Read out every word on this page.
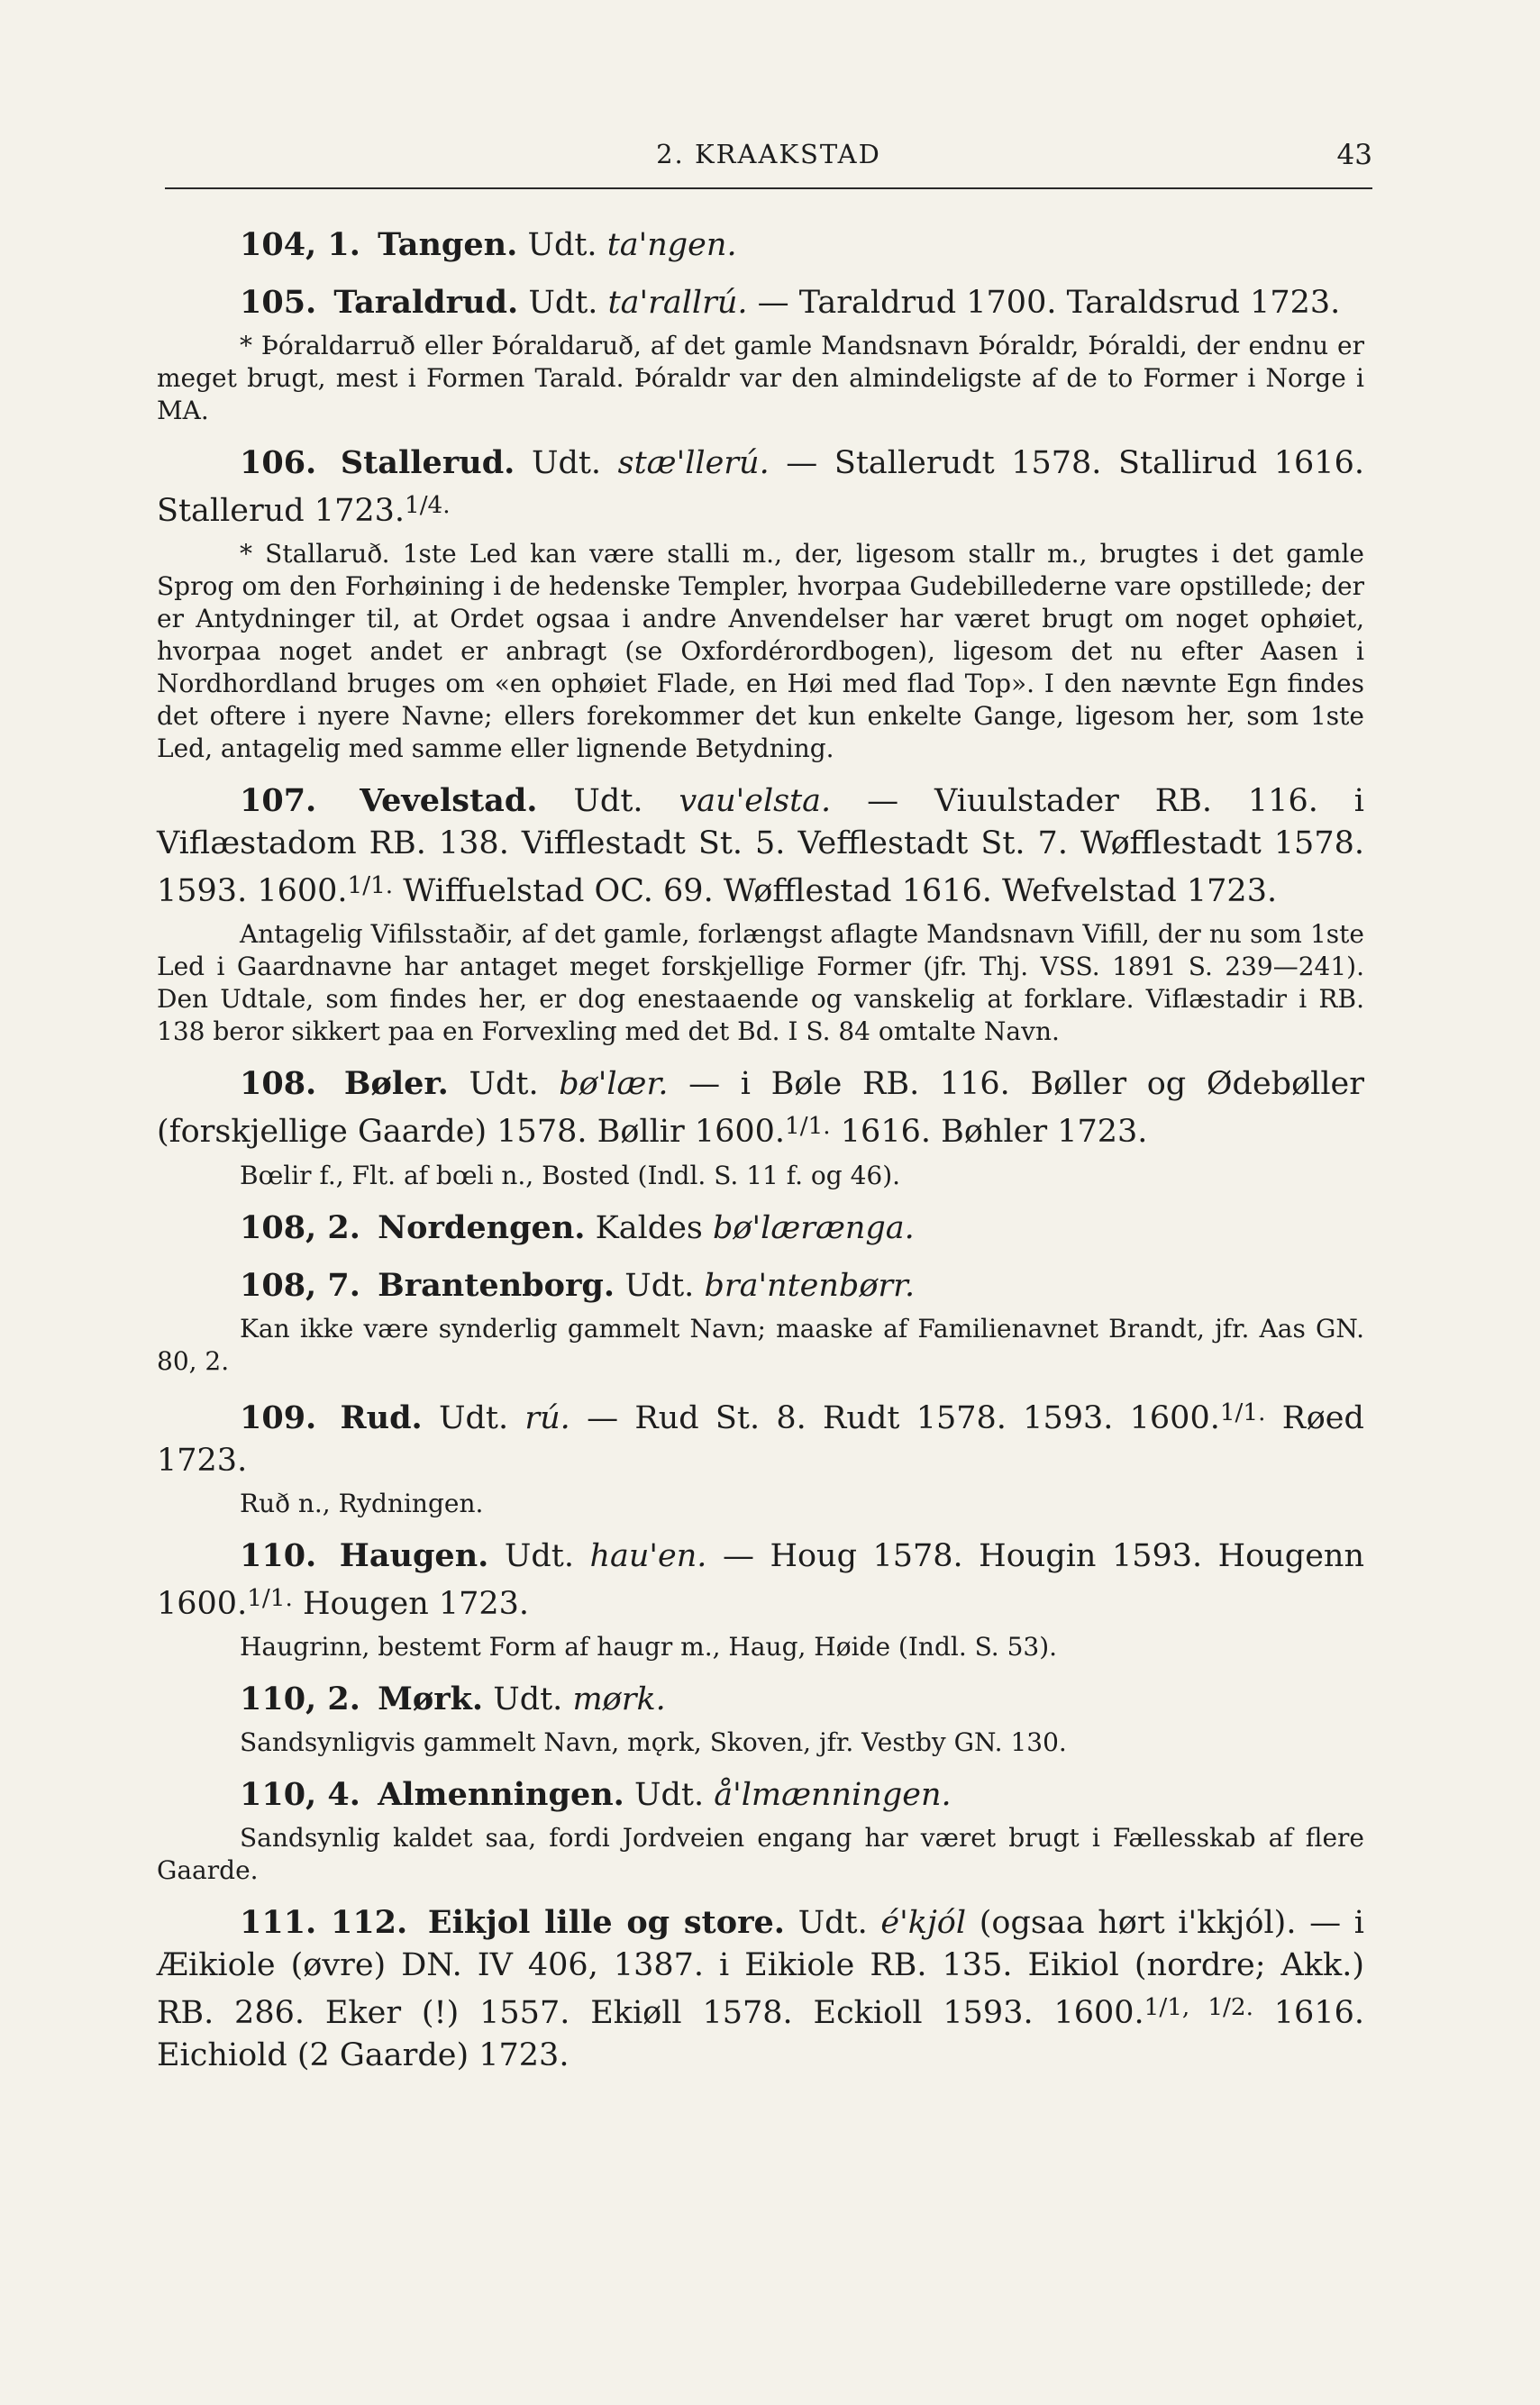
2. KRAAKSTAD	43

104, 1. Tangen. Udt. ta'ngen.

105. Taraldrud. Udt. ta'rallrú. — Taraldrud 1700. Taraldsrud 1723.

* Þóraldarruð eller Þóraldaruð, af det gamle Mandsnavn Þóraldr, Þóraldi, der endnu er meget brugt, mest i Formen Tarald. Þóraldr var den almindeligste af de to Former i Norge i MA.

106. Stallerud. Udt. stæ'llerú. — Stallerudt 1578. Stallirud 1616. Stallerud 1723.$^{1/4.}$

* Stallaruð. 1ste Led kan være stalli m., der, ligesom stallr m., brugtes i det gamle Sprog om den Forhøining i de hedenske Templer, hvorpaa Gudebillederne vare opstillede; der er Antydninger til, at Ordet ogsaa i andre Anvendelser har været brugt om noget ophøiet, hvorpaa noget andet er anbragt (se Oxfordérordbogen), ligesom det nu efter Aasen i Nordhordland bruges om «en ophøiet Flade, en Høi med flad Top». I den nævnte Egn findes det oftere i nyere Navne; ellers forekommer det kun enkelte Gange, ligesom her, som 1ste Led, antagelig med samme eller lignende Betydning.

107. Vevelstad. Udt. vau'elsta. — Viuulstader RB. 116. i Viflæstadom RB. 138. Vifflestadt St. 5. Vefflestadt St. 7. Wøfflestadt 1578. 1593. 1600.$^{1/1.}$ Wiffuelstad OC. 69. Wøfflestad 1616. Wefvelstad 1723.

Antagelig Vifilsstaðir, af det gamle, forlængst aflagte Mandsnavn Vifill, der nu som 1ste Led i Gaardnavne har antaget meget forskjellige Former (jfr. Thj. VSS. 1891 S. 239—241). Den Udtale, som findes her, er dog enestaaende og vanskelig at forklare. Viflæstadir i RB. 138 beror sikkert paa en Forvexling med det Bd. I S. 84 omtalte Navn.

108. Bøler. Udt. bø'lær. — i Bøle RB. 116. Bøller og Ødebøller (forskjellige Gaarde) 1578. Bøllir 1600.$^{1/1.}$ 1616. Bøhler 1723.

Bœlir f., Flt. af bœli n., Bosted (Indl. S. 11 f. og 46).

108, 2. Nordengen. Kaldes bø'lærænga.

108, 7. Brantenborg. Udt. bra'ntenbørr.

Kan ikke være synderlig gammelt Navn; maaske af Familienavnet Brandt, jfr. Aas GN. 80, 2.

109. Rud. Udt. rú. — Rud St. 8. Rudt 1578. 1593. 1600.$^{1/1.}$ Røed 1723.

Ruð n., Rydningen.

110. Haugen. Udt. hau'en. — Houg 1578. Hougin 1593. Hougenn 1600.$^{1/1.}$ Hougen 1723.

Haugrinn, bestemt Form af haugr m., Haug, Høide (Indl. S. 53).

110, 2. Mørk. Udt. mørk.

Sandsynligvis gammelt Navn, mǫrk, Skoven, jfr. Vestby GN. 130.

110, 4. Almenningen. Udt. å'lmænningen.

Sandsynlig kaldet saa, fordi Jordveien engang har været brugt i Fællesskab af flere Gaarde.

111. 112. Eikjol lille og store. Udt. é'kjól (ogsaa hørt i'kkjól). — i Æikiole (øvre) DN. IV 406, 1387. i Eikiole RB. 135. Eikiol (nordre; Akk.) RB. 286. Eker (!) 1557. Ekiøll 1578. Eckioll 1593. 1600.$^{1/1, 1/2.}$ 1616. Eichiold (2 Gaarde) 1723.
